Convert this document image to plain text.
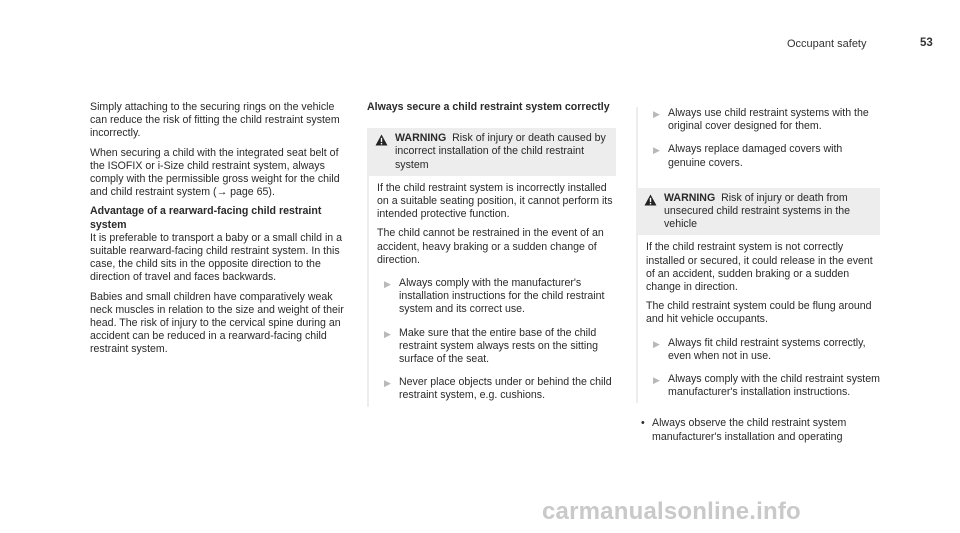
Occupant safety	53

Simply attaching to the securing rings on the vehicle can reduce the risk of fitting the child restraint system incorrectly.

When securing a child with the integrated seat belt of the ISOFIX or i-Size child restraint system, always comply with the permissible gross weight for the child and child restraint system (→ page 65).

Advantage of a rearward-facing child restraint system

It is preferable to transport a baby or a small child in a suitable rearward-facing child restraint system. In this case, the child sits in the opposite direction to the direction of travel and faces backwards.

Babies and small children have comparatively weak neck muscles in relation to the size and weight of their head. The risk of injury to the cervical spine during an accident can be reduced in a rearward-facing child restraint system.

Always secure a child restraint system correctly

WARNING Risk of injury or death caused by incorrect installation of the child restraint system

If the child restraint system is incorrectly installed on a suitable seating position, it cannot perform its intended protective function.

The child cannot be restrained in the event of an accident, heavy braking or a sudden change of direction.

▶ Always comply with the manufacturer's installation instructions for the child restraint system and its correct use.
▶ Make sure that the entire base of the child restraint system always rests on the sitting surface of the seat.
▶ Never place objects under or behind the child restraint system, e.g. cushions.
▶ Always use child restraint systems with the original cover designed for them.
▶ Always replace damaged covers with genuine covers.
WARNING Risk of injury or death from unsecured child restraint systems in the vehicle

If the child restraint system is not correctly installed or secured, it could release in the event of an accident, sudden braking or a sudden change in direction.

The child restraint system could be flung around and hit vehicle occupants.

▶ Always fit child restraint systems correctly, even when not in use.
▶ Always comply with the child restraint system manufacturer's installation instructions.
• Always observe the child restraint system manufacturer's installation and operating
carmanualsonline.info
